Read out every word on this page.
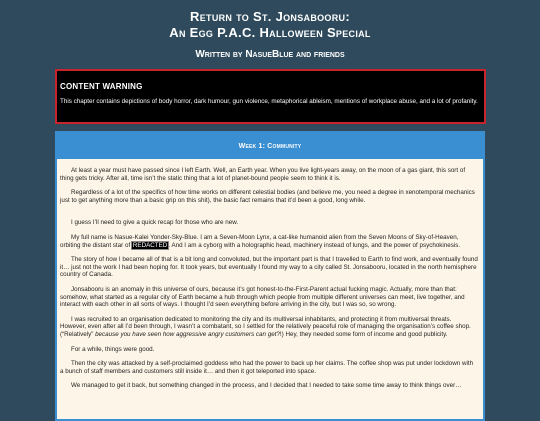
Return to St. Jonsabooru:
An Egg P.A.C. Halloween Special
Written by NasueBlue and friends
CONTENT WARNING
This chapter contains depictions of body horror, dark humour, gun violence, metaphorical ableism, mentions of workplace abuse, and a lot of profanity.
Week 1: Community

At least a year must have passed since I left Earth. Well, an Earth year. When you live light-years away, on the moon of a gas giant, this sort of thing gets tricky. After all, time isn’t the static thing that a lot of planet-bound people seem to think it is.

Regardless of a lot of the specifics of how time works on different celestial bodies (and believe me, you need a degree in xenotemporal mechanics just to get anything more than a basic grip on this shit), the basic fact remains that it’d been a good, long while.

I guess I’ll need to give a quick recap for those who are new.

My full name is Nasue-Kalei Yonder-Sky-Blue. I am a Seven-Moon Lynx, a cat-like humanoid alien from the Seven Moons of Sky-of-Heaven, orbiting the distant star of REDACTED. And I am a cyborg with a holographic head, machinery instead of lungs, and the power of psychokinesis.

The story of how I became all of that is a bit long and convoluted, but the important part is that I travelled to Earth to find work, and eventually found it… just not the work I had been hoping for. It took years, but eventually I found my way to a city called St. Jonsabooru, located in the north hemisphere country of Canada.

Jonsabooru is an anomaly in this universe of ours, because it’s got honest-to-the-First-Parent actual fucking magic. Actually, more than that: somehow, what started as a regular city of Earth became a hub through which people from multiple different universes can meet, live together, and interact with each other in all sorts of ways. I thought I’d seen everything before arriving in the city, but I was so, so wrong.

I was recruited to an organisation dedicated to monitoring the city and its multiversal inhabitants, and protecting it from multiversal threats. However, even after all I’d been through, I wasn’t a combatant, so I settled for the relatively peaceful role of managing the organisation’s coffee shop. (“Relatively” because you have seen how aggressive angry customers can get?!) Hey, they needed some form of income and good publicity.

For a while, things were good.

Then the city was attacked by a self-proclaimed goddess who had the power to back up her claims. The coffee shop was put under lockdown with a bunch of staff members and customers still inside it… and then it got teleported into space.

We managed to get it back, but something changed in the process, and I decided that I needed to take some time away to think things over…
